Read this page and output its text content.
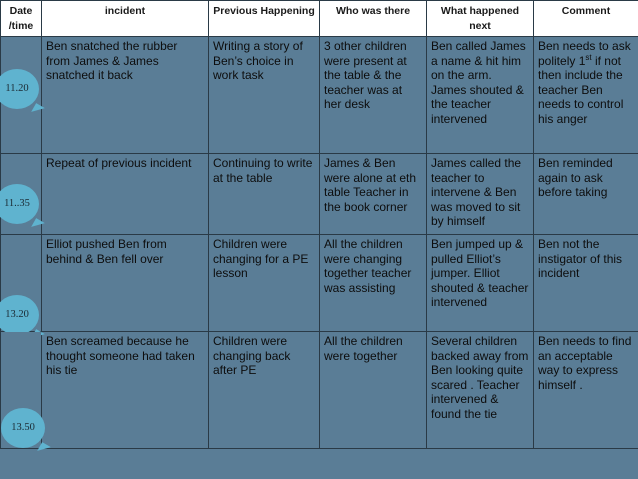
Date /time	incident	Previous Happening	Who was there	What happened next	Comment

11.20	Ben snatched the rubber from James & James snatched it back	Writing a story of Ben’s choice in work task	3 other children were present at the table & the teacher was at her desk	Ben called James a name & hit him on the arm. James shouted & the teacher intervened	Ben needs to ask politely 1st if not then include the teacher Ben needs to control his anger

11..35	Repeat of previous incident	Continuing to write at the table	James & Ben were alone at eth table Teacher in the book corner	James called the teacher to intervene & Ben was moved to sit by himself	Ben reminded again to ask before taking

13.20	Elliot pushed Ben from behind & Ben fell over	Children were changing for a PE lesson	All the children were changing together teacher was assisting	Ben jumped up & pulled Elliot’s jumper. Elliot shouted & teacher intervened	Ben not the instigator of this incident

13.50	Ben screamed because he thought someone had taken his tie	Children were changing back after PE	All the children were together	Several children backed away from Ben looking quite scared . Teacher intervened & found the tie	Ben needs to find an acceptable way to express himself .
